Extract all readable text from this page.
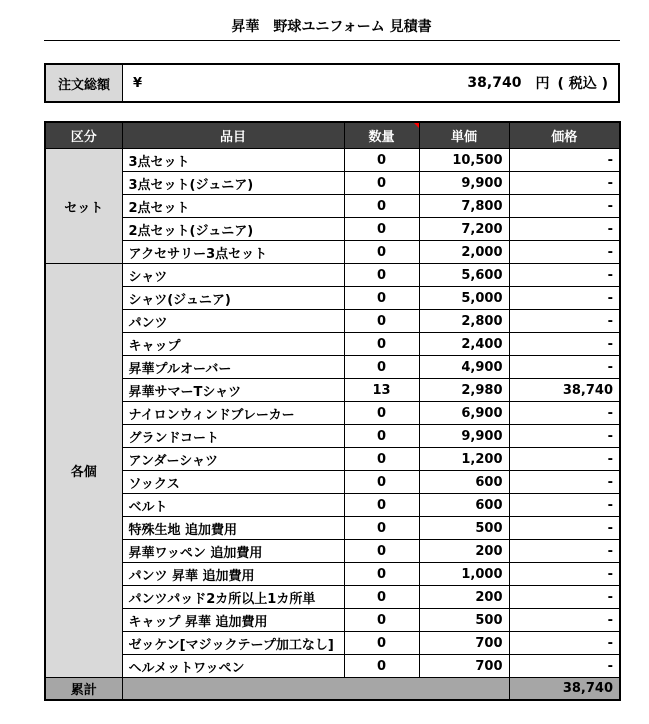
昇華　野球ユニフォーム 見積書
注文総額	¥	38,740 円 ( 税込 )
区分	品目	数量	単価	価格
セット	3点セット	0	10,500	-
	3点セット(ジュニア)	0	9,900	-
	2点セット	0	7,800	-
	2点セット(ジュニア)	0	7,200	-
	アクセサリー3点セット	0	2,000	-
各個	シャツ	0	5,600	-
	シャツ(ジュニア)	0	5,000	-
	パンツ	0	2,800	-
	キャップ	0	2,400	-
	昇華プルオーバー	0	4,900	-
	昇華サマーTシャツ	13	2,980	38,740
	ナイロンウィンドブレーカー	0	6,900	-
	グランドコート	0	9,900	-
	アンダーシャツ	0	1,200	-
	ソックス	0	600	-
	ベルト	0	600	-
	特殊生地 追加費用	0	500	-
	昇華ワッペン 追加費用	0	200	-
	パンツ 昇華 追加費用	0	1,000	-
	パンツパッド2カ所以上1カ所単	0	200	-
	キャップ 昇華 追加費用	0	500	-
	ゼッケン[マジックテープ加工なし]	0	700	-
	ヘルメットワッペン	0	700	-
累計				38,740
